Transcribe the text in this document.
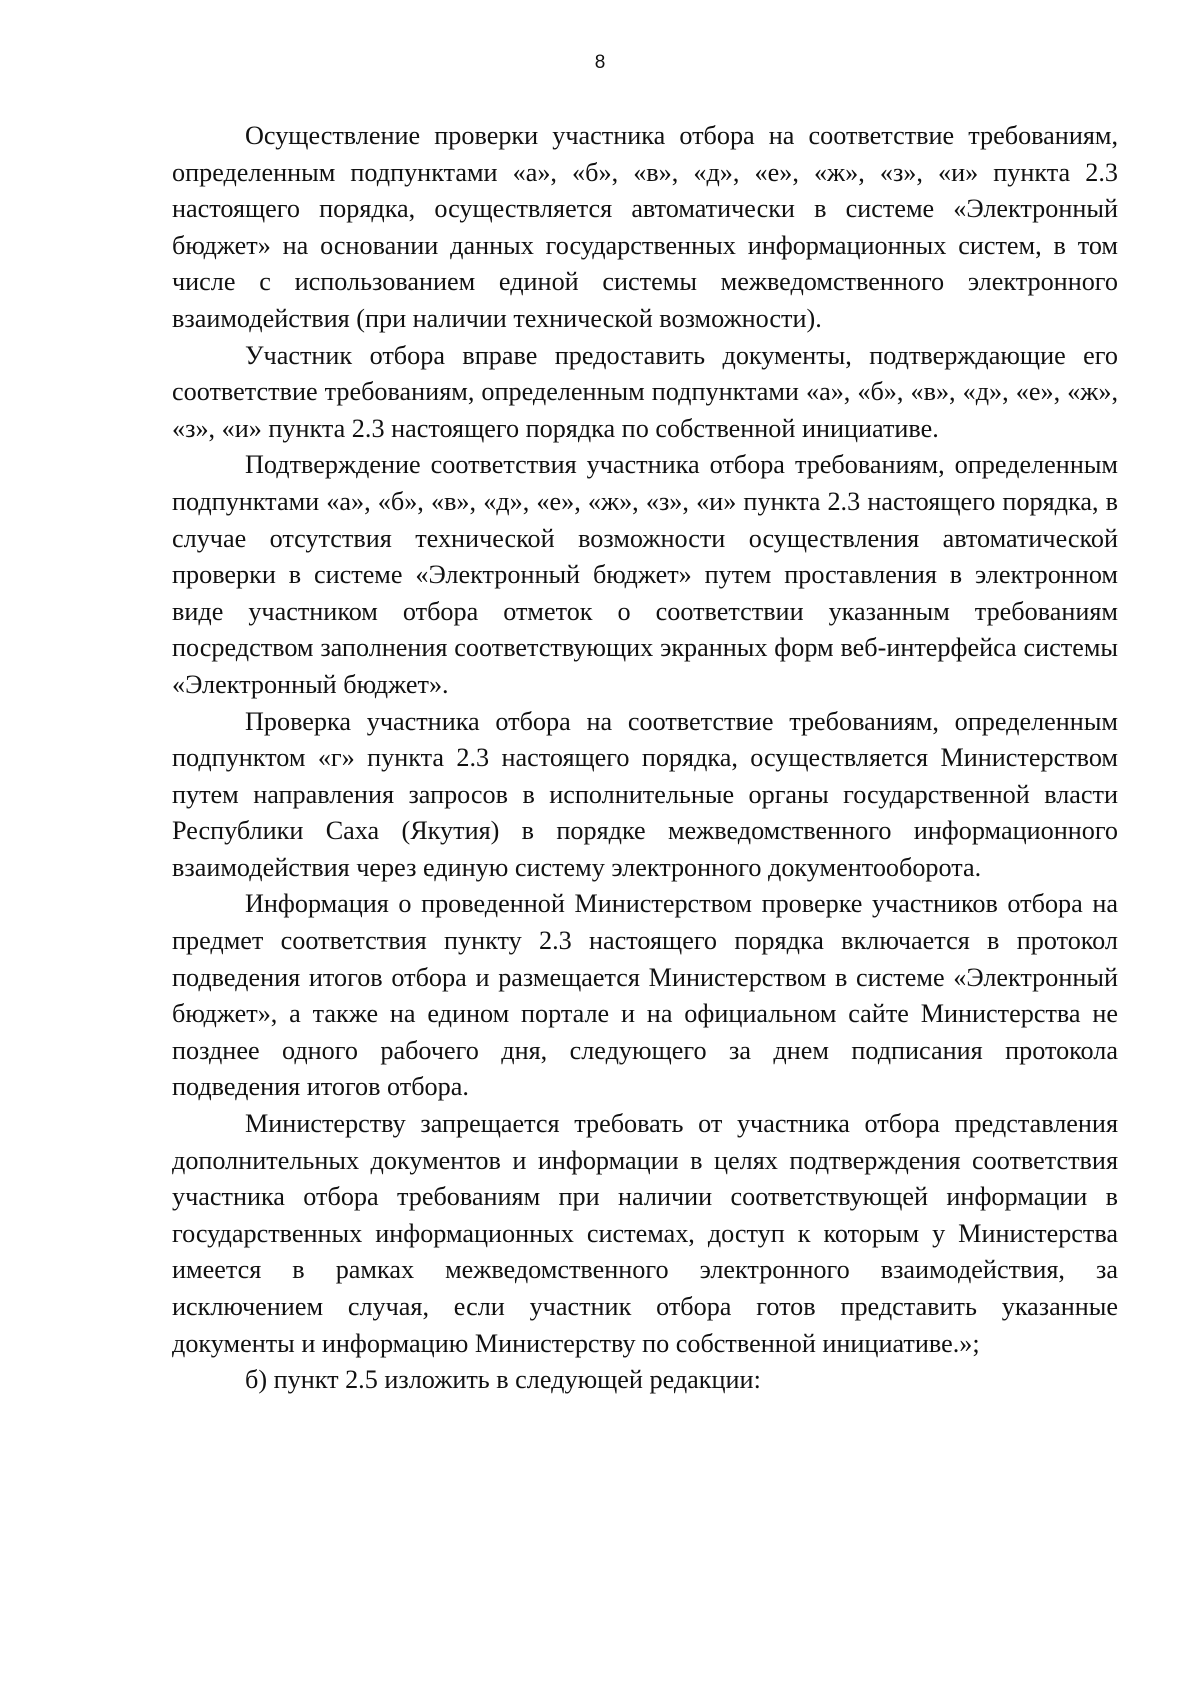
8

Осуществление проверки участника отбора на соответствие требованиям, определенным подпунктами «а», «б», «в», «д», «е», «ж», «з», «и» пункта 2.3 настоящего порядка, осуществляется автоматически в системе «Электронный бюджет» на основании данных государственных информационных систем, в том числе с использованием единой системы межведомственного электронного взаимодействия (при наличии технической возможности).

Участник отбора вправе предоставить документы, подтверждающие его соответствие требованиям, определенным подпунктами «а», «б», «в», «д», «е», «ж», «з», «и» пункта 2.3 настоящего порядка по собственной инициативе.

Подтверждение соответствия участника отбора требованиям, определенным подпунктами «а», «б», «в», «д», «е», «ж», «з», «и» пункта 2.3 настоящего порядка, в случае отсутствия технической возможности осуществления автоматической проверки в системе «Электронный бюджет» путем проставления в электронном виде участником отбора отметок о соответствии указанным требованиям посредством заполнения соответствующих экранных форм веб-интерфейса системы «Электронный бюджет».

Проверка участника отбора на соответствие требованиям, определенным подпунктом «г» пункта 2.3 настоящего порядка, осуществляется Министерством путем направления запросов в исполнительные органы государственной власти Республики Саха (Якутия) в порядке межведомственного информационного взаимодействия через единую систему электронного документооборота.

Информация о проведенной Министерством проверке участников отбора на предмет соответствия пункту 2.3 настоящего порядка включается в протокол подведения итогов отбора и размещается Министерством в системе «Электронный бюджет», а также на едином портале и на официальном сайте Министерства не позднее одного рабочего дня, следующего за днем подписания протокола подведения итогов отбора.

Министерству запрещается требовать от участника отбора представления дополнительных документов и информации в целях подтверждения соответствия участника отбора требованиям при наличии соответствующей информации в государственных информационных системах, доступ к которым у Министерства имеется в рамках межведомственного электронного взаимодействия, за исключением случая, если участник отбора готов представить указанные документы и информацию Министерству по собственной инициативе.»;

б) пункт 2.5 изложить в следующей редакции:
